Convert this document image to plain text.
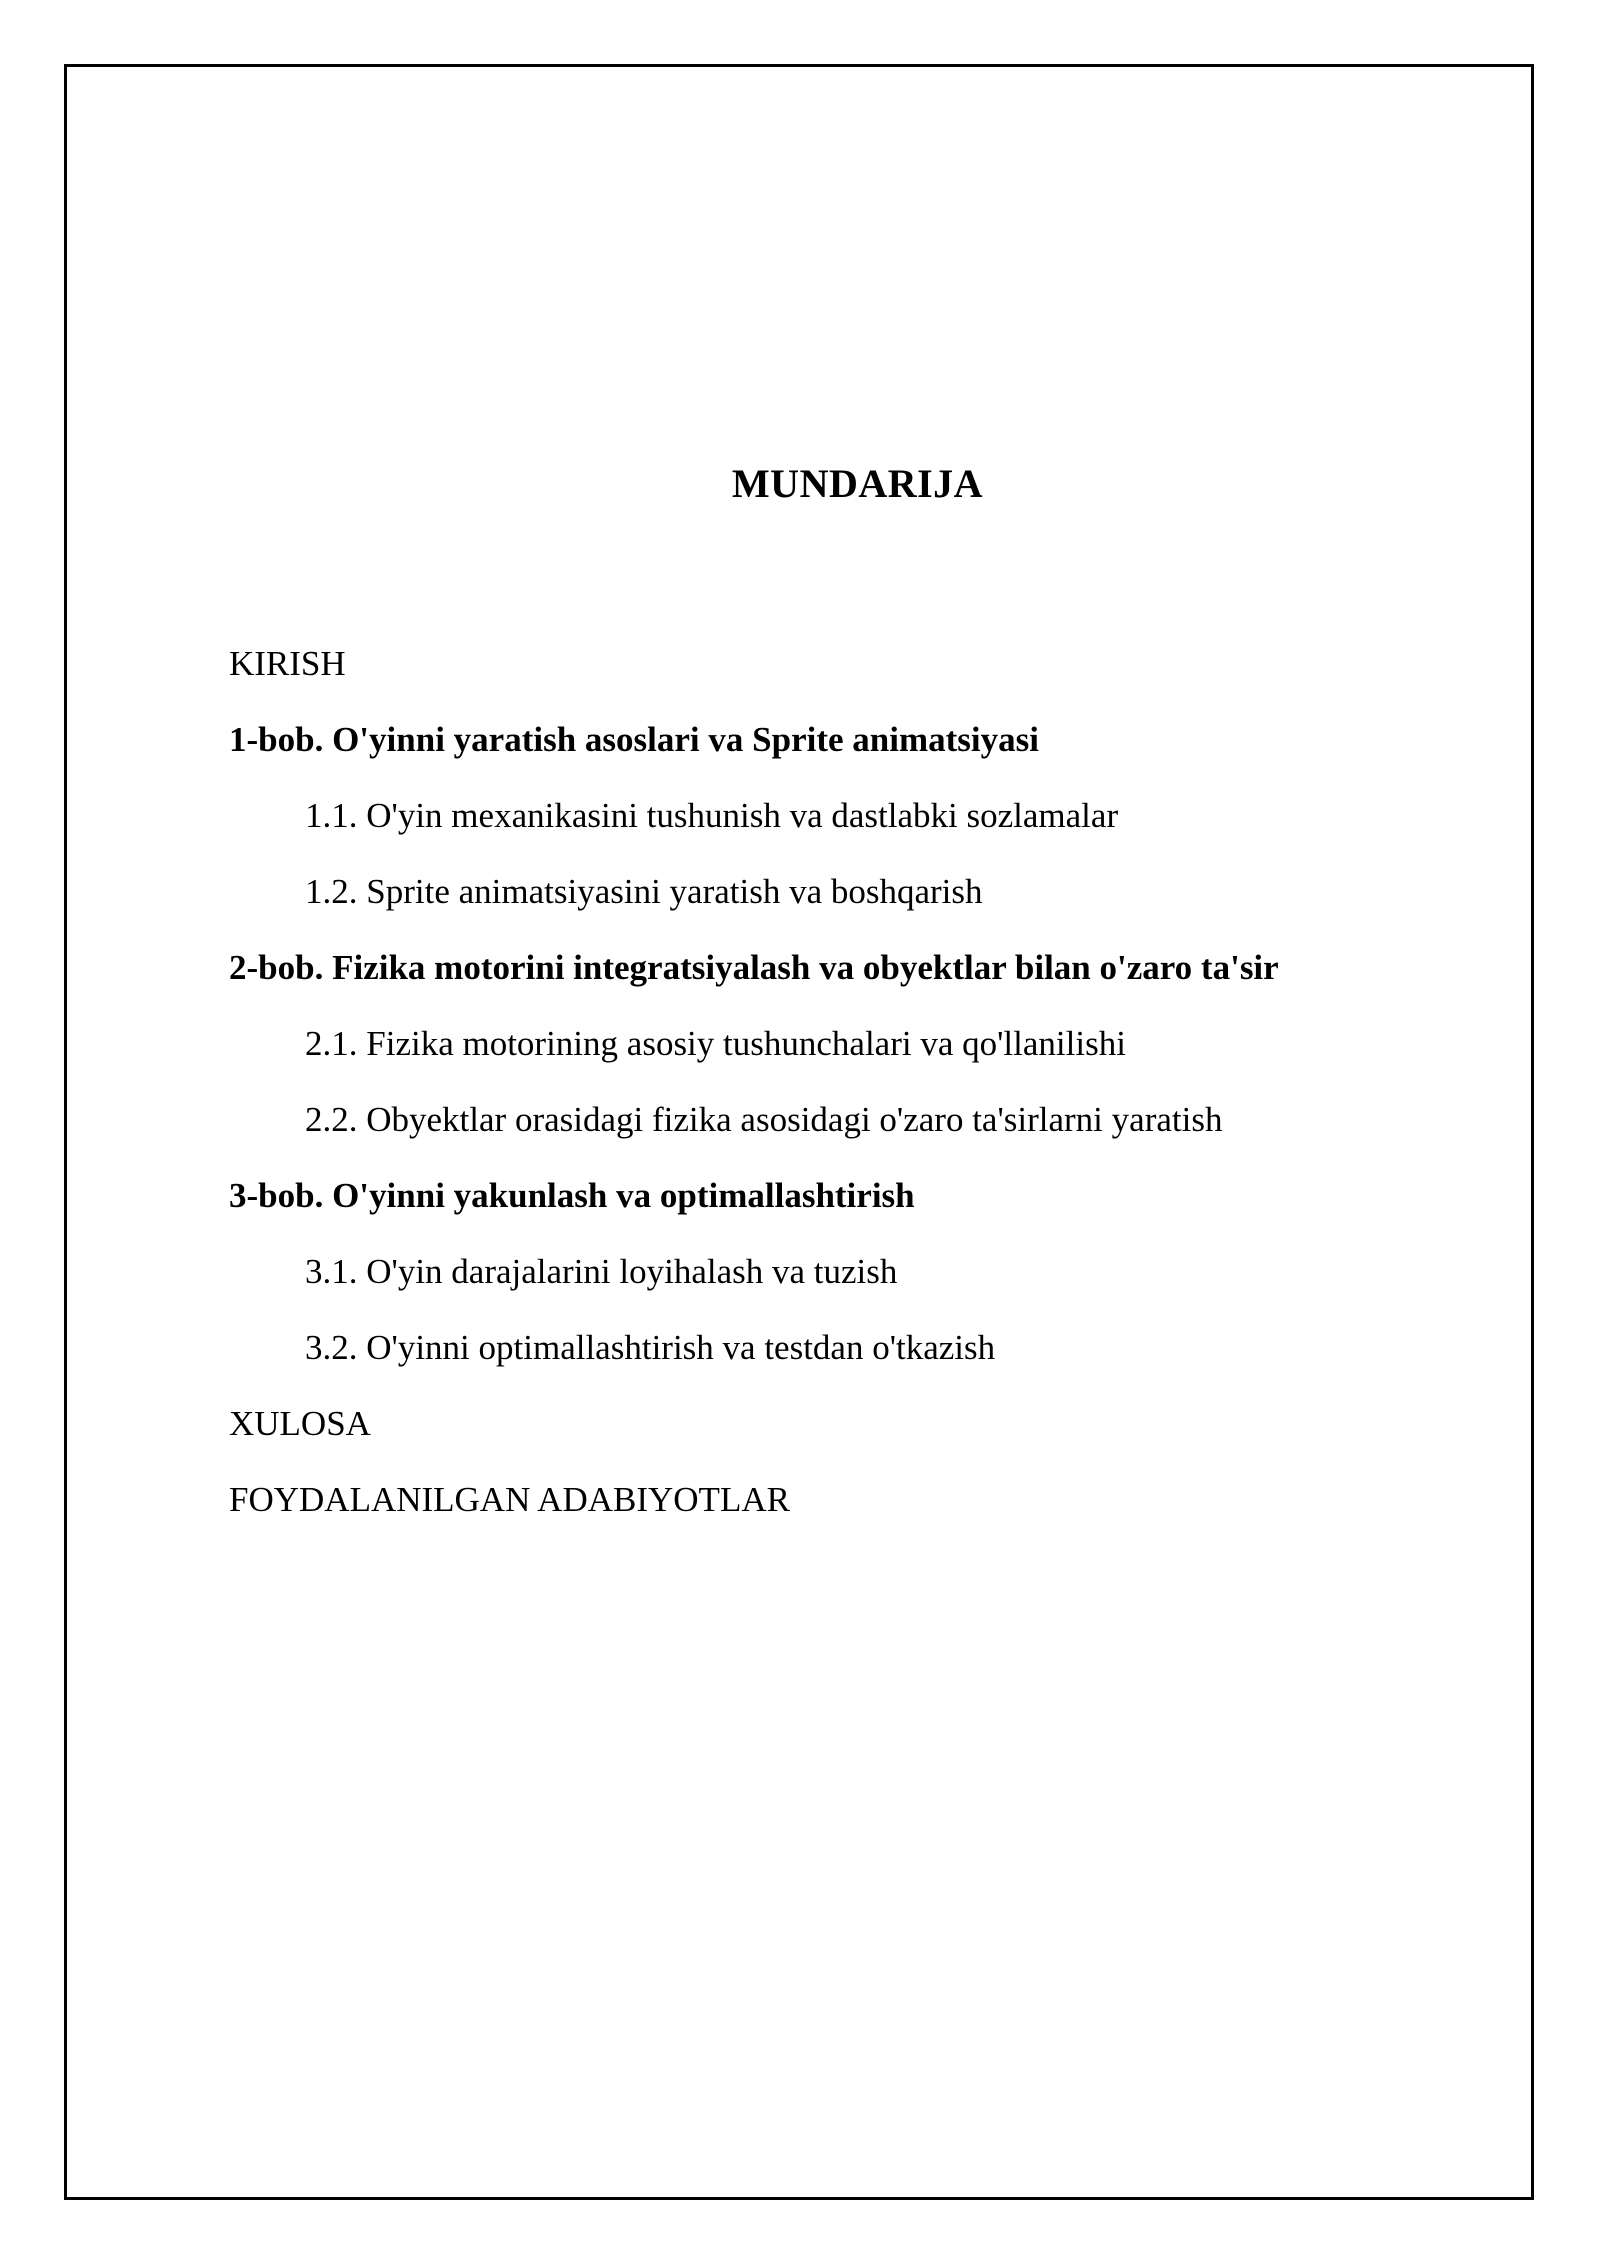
MUNDARIJA
KIRISH
1-bob. O'yinni yaratish asoslari va Sprite animatsiyasi
1.1. O'yin mexanikasini tushunish va dastlabki sozlamalar
1.2. Sprite animatsiyasini yaratish va boshqarish
2-bob. Fizika motorini integratsiyalash va obyektlar bilan o'zaro ta'sir
2.1. Fizika motorining asosiy tushunchalari va qo'llanilishi
2.2. Obyektlar orasidagi fizika asosidagi o'zaro ta'sirlarni yaratish
3-bob. O'yinni yakunlash va optimallashtirish
3.1. O'yin darajalarini loyihalash va tuzish
3.2. O'yinni optimallashtirish va testdan o'tkazish
XULOSA
FOYDALANILGAN ADABIYOTLAR
